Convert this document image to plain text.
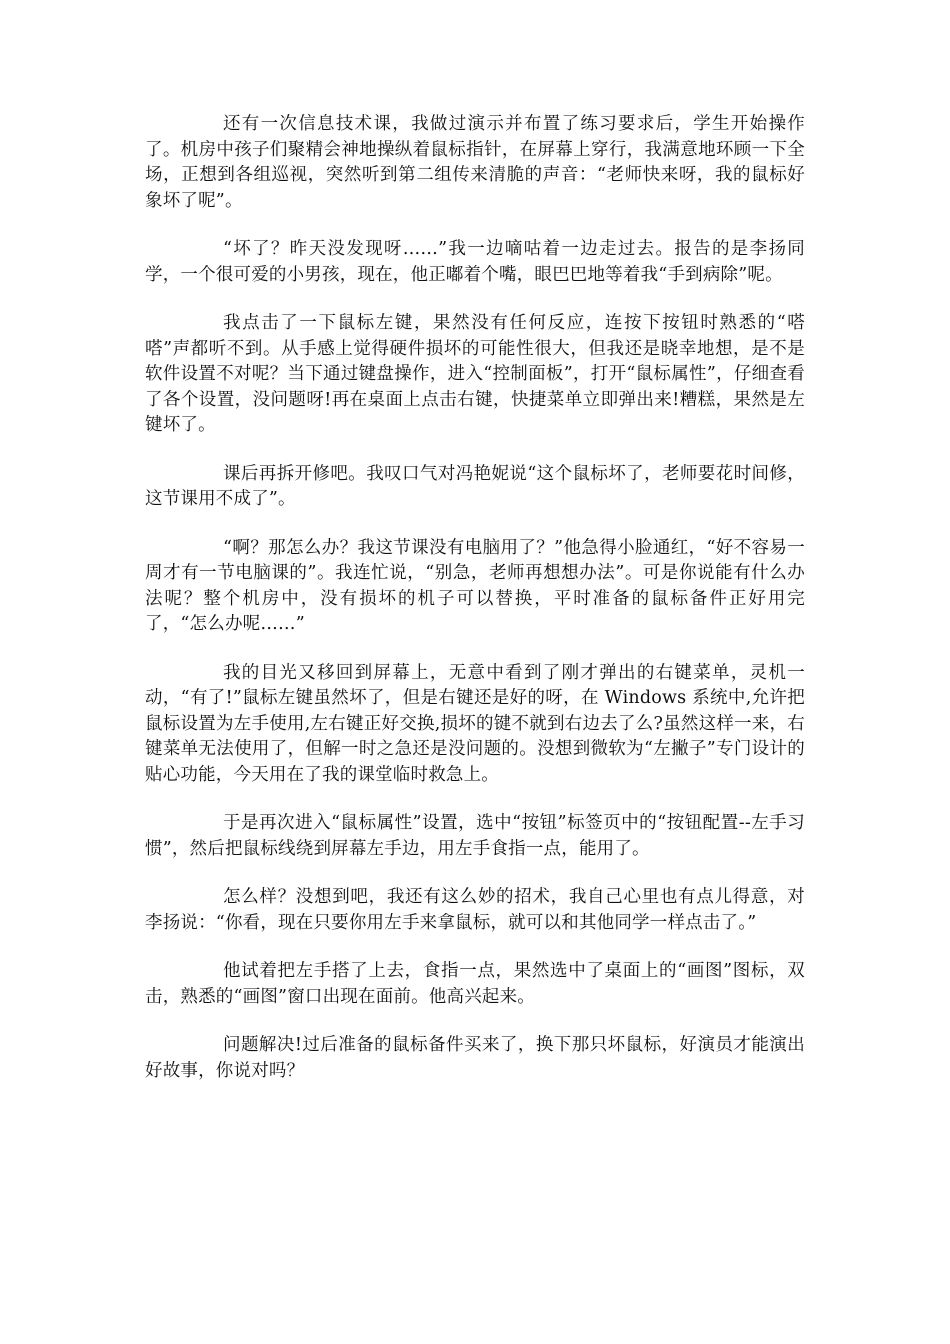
还有一次信息技术课，我做过演示并布置了练习要求后，学生开始操作了。机房中孩子们聚精会神地操纵着鼠标指针，在屏幕上穿行，我满意地环顾一下全场，正想到各组巡视，突然听到第二组传来清脆的声音：“老师快来呀，我的鼠标好象坏了呢”。

“坏了？昨天没发现呀……”我一边嘀咕着一边走过去。报告的是李扬同学，一个很可爱的小男孩，现在，他正嘟着个嘴，眼巴巴地等着我“手到病除”呢。

我点击了一下鼠标左键，果然没有任何反应，连按下按钮时熟悉的“嗒嗒”声都听不到。从手感上觉得硬件损坏的可能性很大，但我还是晓幸地想，是不是软件设置不对呢？当下通过键盘操作，进入“控制面板”，打开“鼠标属性”，仔细查看了各个设置，没问题呀!再在桌面上点击右键，快捷菜单立即弹出来!糟糕，果然是左键坏了。

课后再拆开修吧。我叹口气对冯艳妮说“这个鼠标坏了，老师要花时间修，这节课用不成了”。

“啊？那怎么办？我这节课没有电脑用了？”他急得小脸通红，“好不容易一周才有一节电脑课的”。我连忙说，“别急，老师再想想办法”。可是你说能有什么办法呢？整个机房中，没有损坏的机子可以替换，平时准备的鼠标备件正好用完了，“怎么办呢……”

我的目光又移回到屏幕上，无意中看到了刚才弹出的右键菜单，灵机一动，“有了!”鼠标左键虽然坏了，但是右键还是好的呀，在 Windows 系统中,允许把鼠标设置为左手使用,左右键正好交换,损坏的键不就到右边去了么?虽然这样一来，右键菜单无法使用了，但解一时之急还是没问题的。没想到微软为“左撇子”专门设计的贴心功能，今天用在了我的课堂临时救急上。

于是再次进入“鼠标属性”设置，选中“按钮”标签页中的“按钮配置--左手习惯”，然后把鼠标线绕到屏幕左手边，用左手食指一点，能用了。

怎么样？没想到吧，我还有这么妙的招术，我自己心里也有点儿得意，对李扬说：“你看，现在只要你用左手来拿鼠标，就可以和其他同学一样点击了。”

他试着把左手搭了上去，食指一点，果然选中了桌面上的“画图”图标，双击，熟悉的“画图”窗口出现在面前。他高兴起来。

问题解决!过后准备的鼠标备件买来了，换下那只坏鼠标，好演员才能演出好故事，你说对吗？
